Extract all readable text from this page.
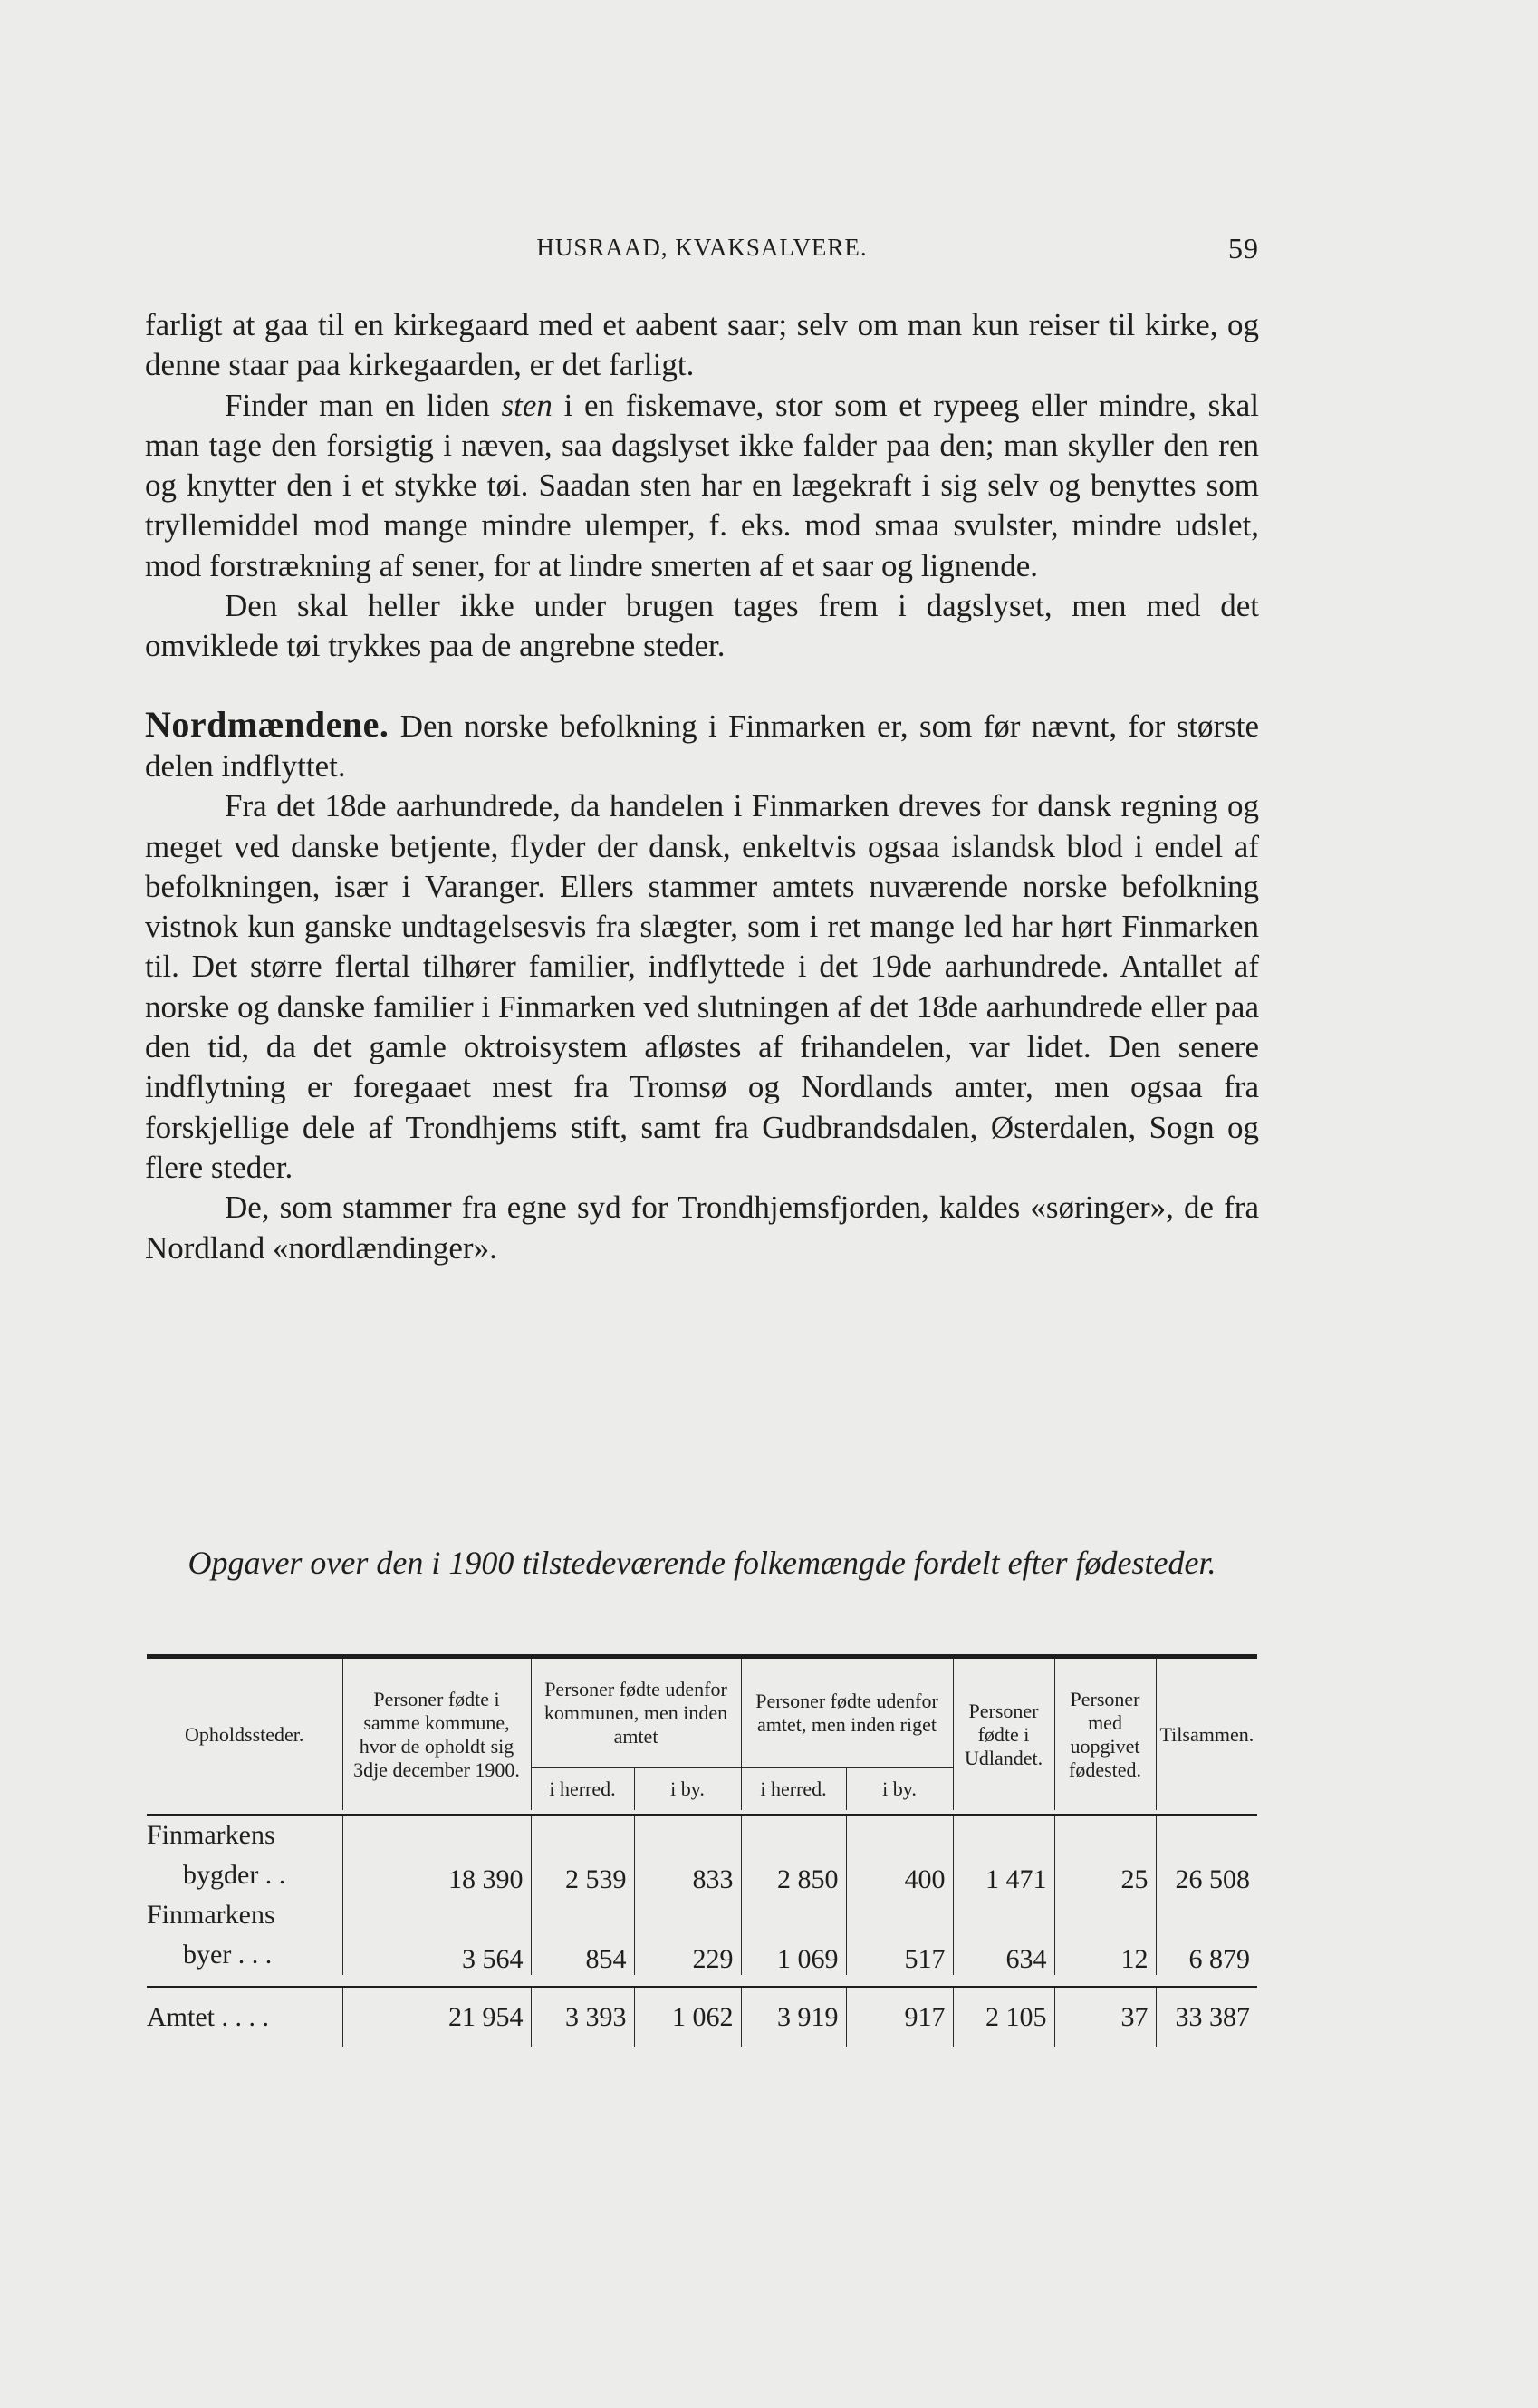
HUSRAAD, KVAKSALVERE.	59

farligt at gaa til en kirkegaard med et aabent saar; selv om man kun reiser til kirke, og denne staar paa kirkegaarden, er det farligt.

Finder man en liden sten i en fiskemave, stor som et rypeeg eller mindre, skal man tage den forsigtig i næven, saa dagslyset ikke falder paa den; man skyller den ren og knytter den i et stykke tøi. Saadan sten har en lægekraft i sig selv og benyttes som tryllemiddel mod mange mindre ulemper, f. eks. mod smaa svulster, mindre udslet, mod forstrækning af sener, for at lindre smerten af et saar og lignende.

Den skal heller ikke under brugen tages frem i dagslyset, men med det omviklede tøi trykkes paa de angrebne steder.

Nordmændene. Den norske befolkning i Finmarken er, som før nævnt, for største delen indflyttet.

Fra det 18de aarhundrede, da handelen i Finmarken dreves for dansk regning og meget ved danske betjente, flyder der dansk, enkeltvis ogsaa islandsk blod i endel af befolkningen, især i Varanger. Ellers stammer amtets nuværende norske befolkning vistnok kun ganske undtagelsesvis fra slægter, som i ret mange led har hørt Finmarken til. Det større flertal tilhører familier, indflyttede i det 19de aarhundrede. Antallet af norske og danske familier i Finmarken ved slutningen af det 18de aarhundrede eller paa den tid, da det gamle oktroisystem afløstes af frihandelen, var lidet. Den senere indflytning er foregaaet mest fra Tromsø og Nordlands amter, men ogsaa fra forskjellige dele af Trondhjems stift, samt fra Gudbrandsdalen, Østerdalen, Sogn og flere steder.

De, som stammer fra egne syd for Trondhjemsfjorden, kaldes «søringer», de fra Nordland «nordlændinger».

Opgaver over den i 1900 tilstedeværende folkemængde fordelt efter fødesteder.
Opholdssteder.	Personer fødte i samme kommune, hvor de opholdt sig 3dje december 1900.	Personer fødte udenfor kommunen, men inden amtet		Personer fødte udenfor amtet, men inden riget		Personer fødte i Udlandet.	Personer med uopgivet fødested.	Tilsammen.
		i herred.	i by.	i herred.	i by.			

Finmarkens
bygder . .	18 390	2 539	833	2 850	400	1 471	25	26 508

Finmarkens
byer . . .	3 564	854	229	1 069	517	634	12	6 879

Amtet . . . .	21 954	3 393	1 062	3 919	917	2 105	37	33 387
